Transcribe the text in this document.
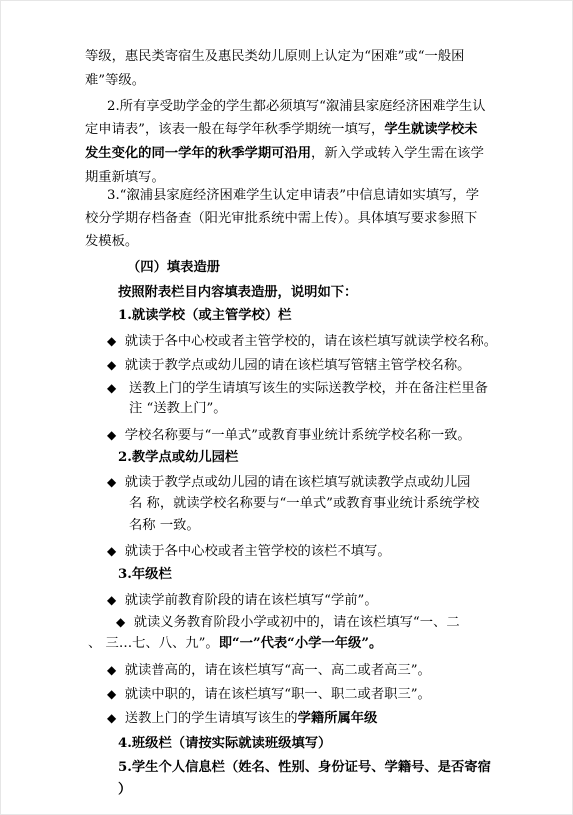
等级，惠民类寄宿生及惠民类幼儿原则上认定为“困难”或“一般困
难”等级。
2.所有享受助学金的学生都必须填写“溆浦县家庭经济困难学生认
定申请表”，该表一般在每学年秋季学期统一填写，学生就读学校未
发生变化的同一学年的秋季学期可沿用，新入学或转入学生需在该学
期重新填写。
3.“溆浦县家庭经济困难学生认定申请表”中信息请如实填写，学
校分学期存档备查（阳光审批系统中需上传）。具体填写要求参照下
发模板。
（四）填表造册
按照附表栏目内容填表造册，说明如下：
1.就读学校（或主管学校）栏
◆ 就读于各中心校或者主管学校的，请在该栏填写就读学校名称。
◆ 就读于教学点或幼儿园的请在该栏填写管辖主管学校名称。
◆ 送教上门的学生请填写该生的实际送教学校，并在备注栏里备
注 “送教上门”。
◆ 学校名称要与“一单式”或教育事业统计系统学校名称一致。
2.教学点或幼儿园栏
◆ 就读于教学点或幼儿园的请在该栏填写就读教学点或幼儿园
名 称，就读学校名称要与“一单式”或教育事业统计系统学校
名称 一致。
◆ 就读于各中心校或者主管学校的该栏不填写。
3.年级栏
◆ 就读学前教育阶段的请在该栏填写“学前”。
◆ 就读义务教育阶段小学或初中的，请在该栏填写“一、二
、 三…七、八、九”。即“一”代表“小学一年级”。
◆ 就读普高的，请在该栏填写“高一、高二或者高三”。
◆ 就读中职的，请在该栏填写“职一、职二或者职三”。
◆ 送教上门的学生请填写该生的学籍所属年级
4.班级栏（请按实际就读班级填写）
5.学生个人信息栏（姓名、性别、身份证号、学籍号、是否寄宿
）
